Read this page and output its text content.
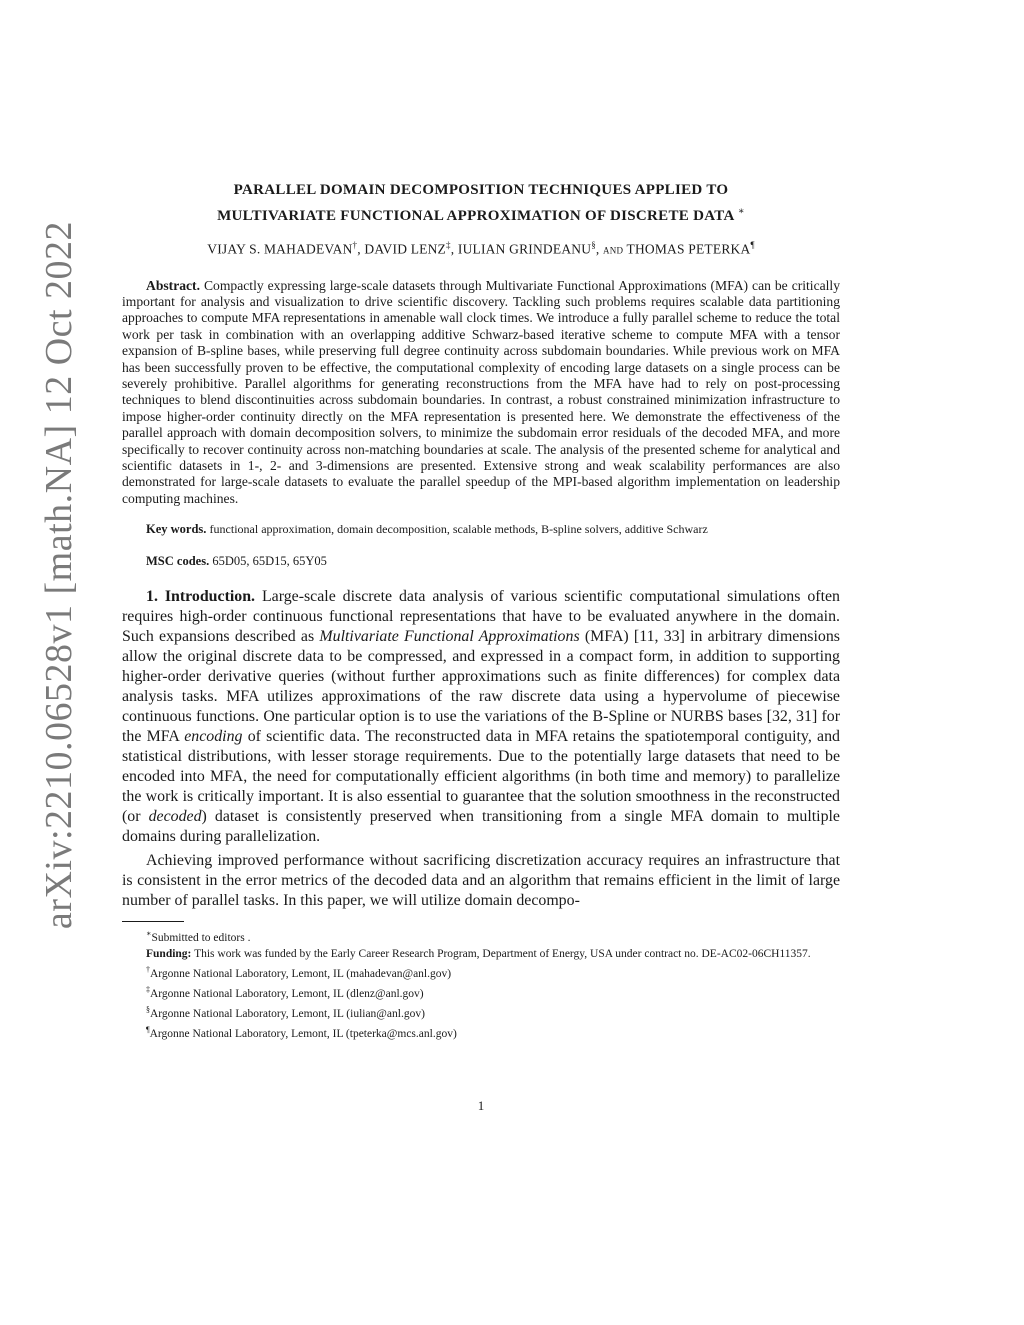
arXiv:2210.06528v1 [math.NA] 12 Oct 2022
PARALLEL DOMAIN DECOMPOSITION TECHNIQUES APPLIED TO
MULTIVARIATE FUNCTIONAL APPROXIMATION OF DISCRETE DATA ∗
VIJAY S. MAHADEVAN†, DAVID LENZ‡, IULIAN GRINDEANU§, and THOMAS PETERKA¶
Abstract. Compactly expressing large-scale datasets through Multivariate Functional Approximations (MFA) can be critically important for analysis and visualization to drive scientific discovery. Tackling such problems requires scalable data partitioning approaches to compute MFA representations in amenable wall clock times. We introduce a fully parallel scheme to reduce the total work per task in combination with an overlapping additive Schwarz-based iterative scheme to compute MFA with a tensor expansion of B-spline bases, while preserving full degree continuity across subdomain boundaries. While previous work on MFA has been successfully proven to be effective, the computational complexity of encoding large datasets on a single process can be severely prohibitive. Parallel algorithms for generating reconstructions from the MFA have had to rely on post-processing techniques to blend discontinuities across subdomain boundaries. In contrast, a robust constrained minimization infrastructure to impose higher-order continuity directly on the MFA representation is presented here. We demonstrate the effectiveness of the parallel approach with domain decomposition solvers, to minimize the subdomain error residuals of the decoded MFA, and more specifically to recover continuity across non-matching boundaries at scale. The analysis of the presented scheme for analytical and scientific datasets in 1-, 2- and 3-dimensions are presented. Extensive strong and weak scalability performances are also demonstrated for large-scale datasets to evaluate the parallel speedup of the MPI-based algorithm implementation on leadership computing machines.
Key words. functional approximation, domain decomposition, scalable methods, B-spline solvers, additive Schwarz
MSC codes. 65D05, 65D15, 65Y05

1. Introduction. Large-scale discrete data analysis of various scientific computational simulations often requires high-order continuous functional representations that have to be evaluated anywhere in the domain. Such expansions described as Multivariate Functional Approximations (MFA) [11, 33] in arbitrary dimensions allow the original discrete data to be compressed, and expressed in a compact form, in addition to supporting higher-order derivative queries (without further approximations such as finite differences) for complex data analysis tasks. MFA utilizes approximations of the raw discrete data using a hypervolume of piecewise continuous functions. One particular option is to use the variations of the B-Spline or NURBS bases [32, 31] for the MFA encoding of scientific data. The reconstructed data in MFA retains the spatiotemporal contiguity, and statistical distributions, with lesser storage requirements. Due to the potentially large datasets that need to be encoded into MFA, the need for computationally efficient algorithms (in both time and memory) to parallelize the work is critically important. It is also essential to guarantee that the solution smoothness in the reconstructed (or decoded) dataset is consistently preserved when transitioning from a single MFA domain to multiple domains during parallelization.

Achieving improved performance without sacrificing discretization accuracy requires an infrastructure that is consistent in the error metrics of the decoded data and an algorithm that remains efficient in the limit of large number of parallel tasks. In this paper, we will utilize domain decompo-

∗Submitted to editors .
Funding: This work was funded by the Early Career Research Program, Department of Energy, USA under contract no. DE-AC02-06CH11357.
†Argonne National Laboratory, Lemont, IL (mahadevan@anl.gov)
‡Argonne National Laboratory, Lemont, IL (dlenz@anl.gov)
§Argonne National Laboratory, Lemont, IL (iulian@anl.gov)
¶Argonne National Laboratory, Lemont, IL (tpeterka@mcs.anl.gov)
1
